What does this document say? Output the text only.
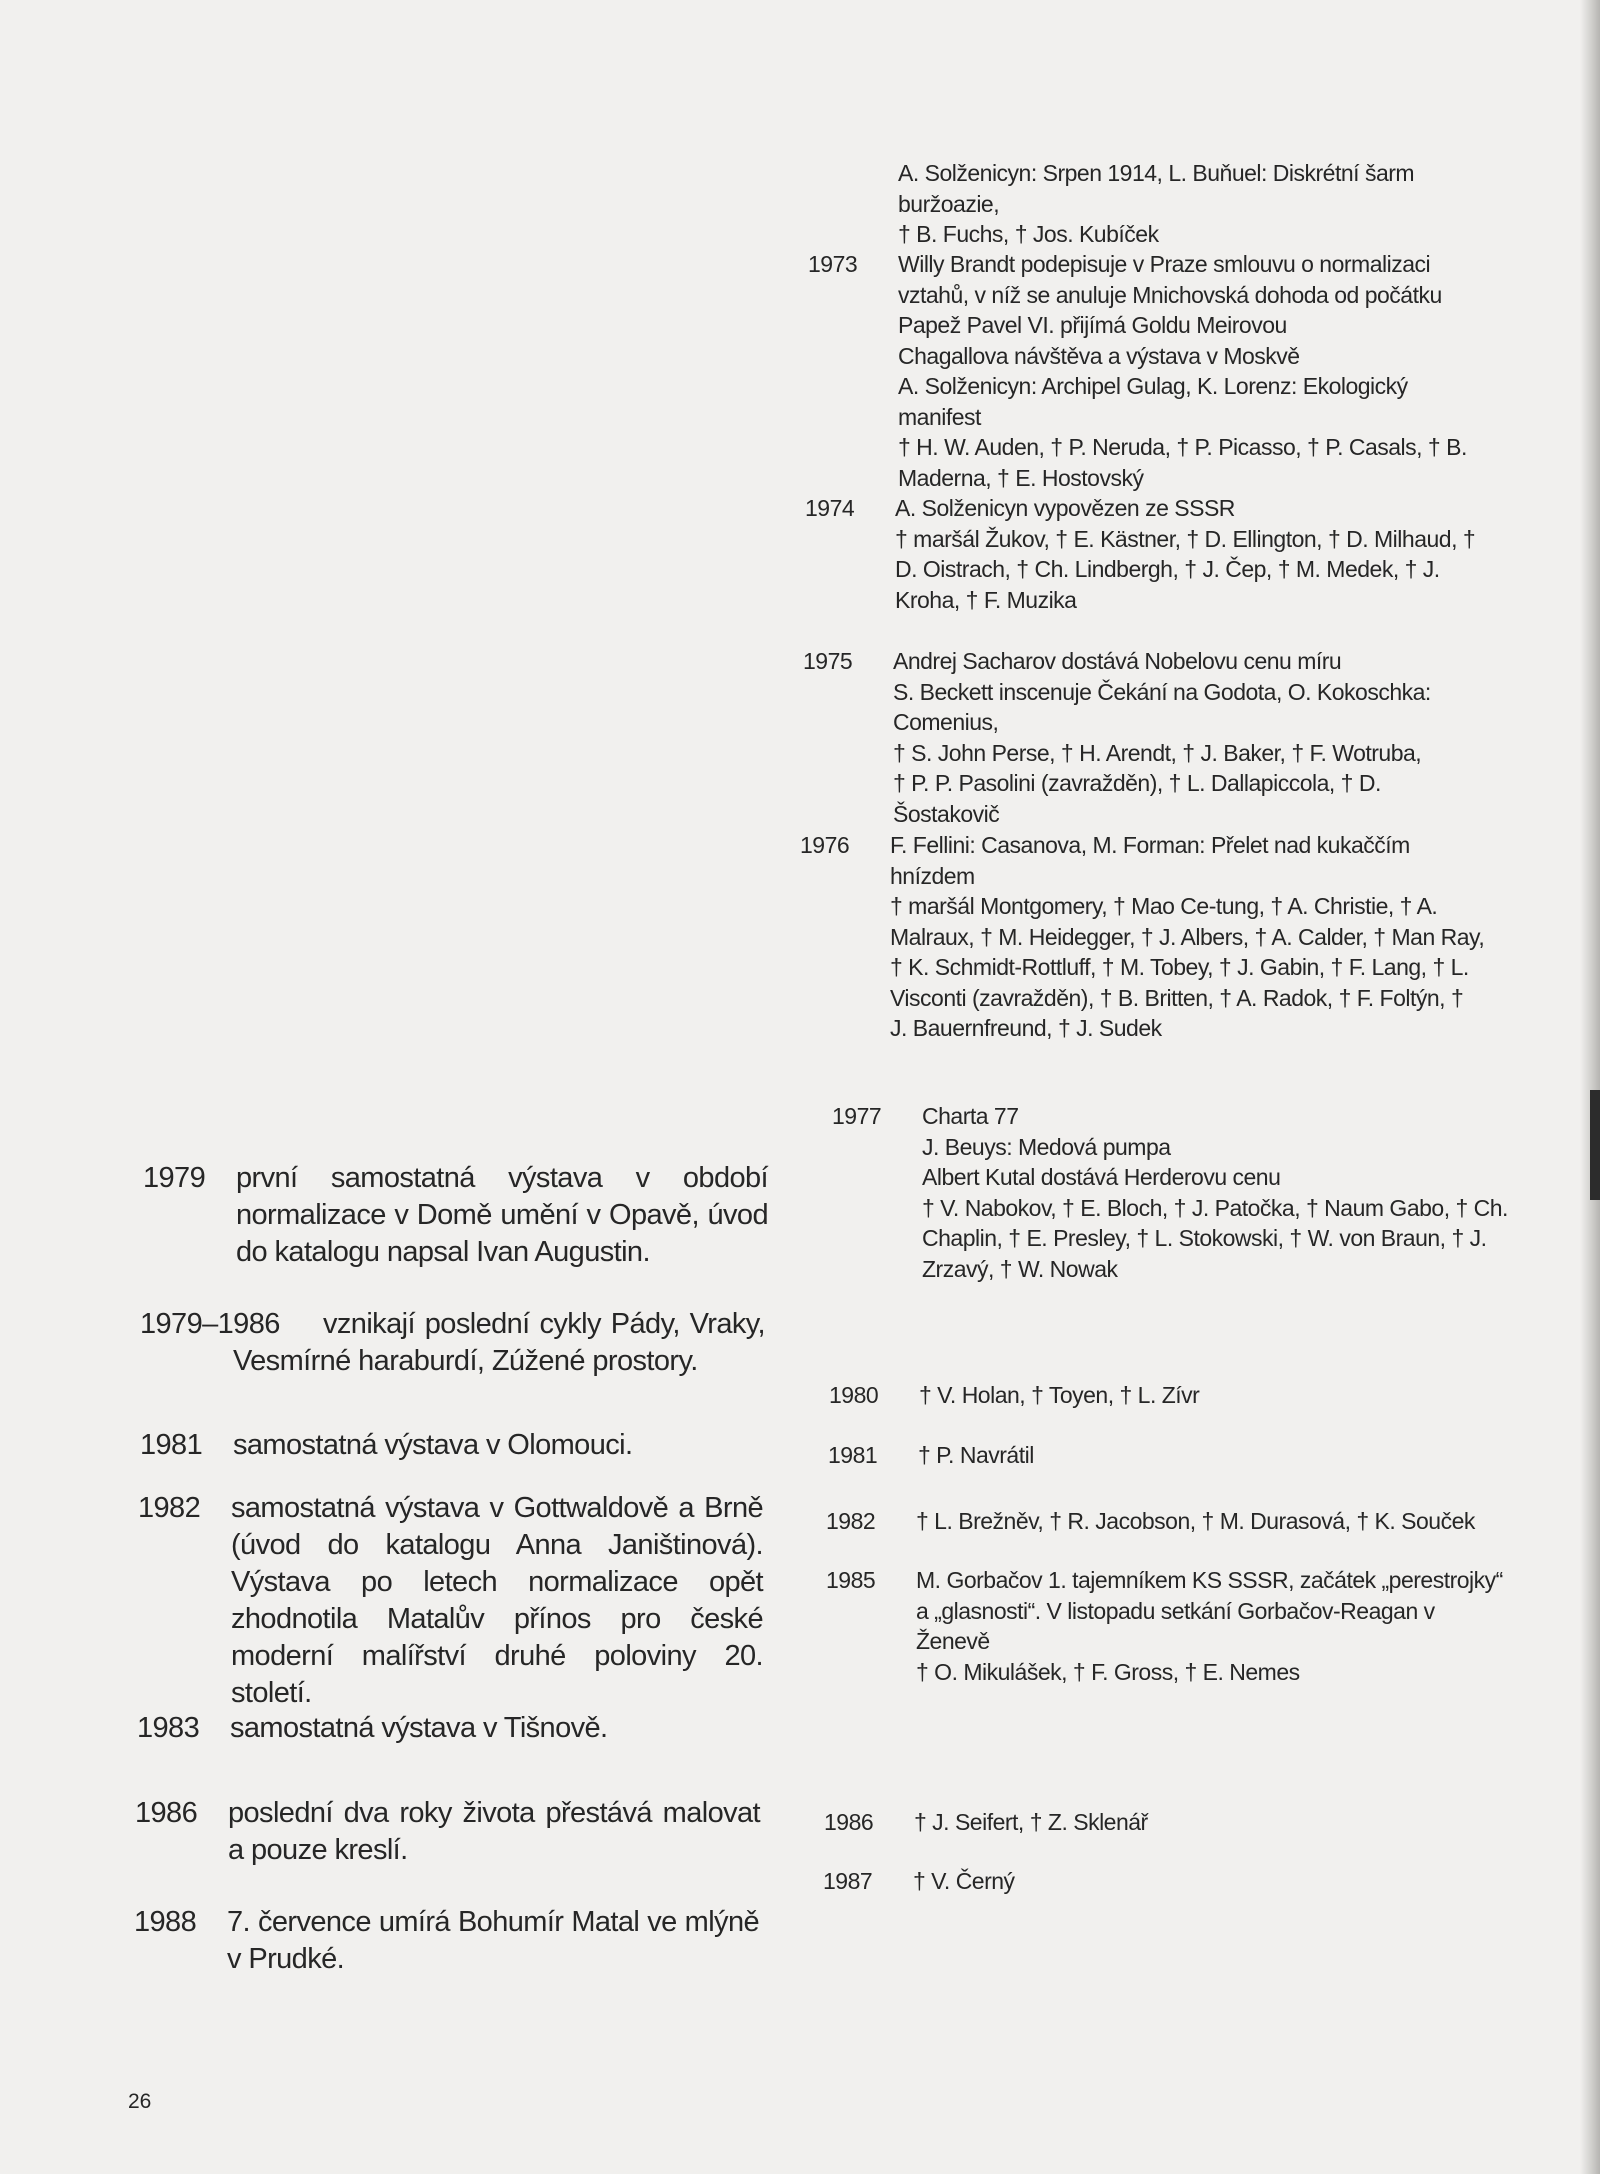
A. Solženicyn: Srpen 1914, L. Buňuel: Diskrétní šarm buržoazie,

† B. Fuchs, † Jos. Kubíček

1973 Willy Brandt podepisuje v Praze smlouvu o normalizaci vztahů, v níž se anuluje Mnichovská dohoda od počátku

Papež Pavel VI. přijímá Goldu Meirovou

Chagallova návštěva a výstava v Moskvě

A. Solženicyn: Archipel Gulag, K. Lorenz: Ekologický manifest

† H. W. Auden, † P. Neruda, † P. Picasso, † P. Casals, † B. Maderna, † E. Hostovský

1974 A. Solženicyn vypovězen ze SSSR

† maršál Žukov, † E. Kästner, † D. Ellington, † D. Milhaud, † D. Oistrach, † Ch. Lindbergh, † J. Čep, † M. Medek, † J. Kroha, † F. Muzika

1975 Andrej Sacharov dostává Nobelovu cenu míru

S. Beckett inscenuje Čekání na Godota, O. Kokoschka: Comenius,

† S. John Perse, † H. Arendt, † J. Baker, † F. Wotruba,

† P. P. Pasolini (zavražděn), † L. Dallapiccola, † D. Šostakovič

1976 F. Fellini: Casanova, M. Forman: Přelet nad kukaččím hnízdem

† maršál Montgomery, † Mao Ce-tung, † A. Christie, † A. Malraux, † M. Heidegger, † J. Albers, † A. Calder, † Man Ray, † K. Schmidt-Rottluff, † M. Tobey, † J. Gabin, † F. Lang, † L. Visconti (zavražděn), † B. Britten, † A. Radok, † F. Foltýn, † J. Bauernfreund, † J. Sudek

1977 Charta 77

J. Beuys: Medová pumpa

Albert Kutal dostává Herderovu cenu

† V. Nabokov, † E. Bloch, † J. Patočka, † Naum Gabo, † Ch. Chaplin, † E. Presley, † L. Stokowski, † W. von Braun, † J. Zrzavý, † W. Nowak

1980 † V. Holan, † Toyen, † L. Zívr

1981 † P. Navrátil

1982 † L. Brežněv, † R. Jacobson, † M. Durasová, † K. Souček

1985 M. Gorbačov 1. tajemníkem KS SSSR, začátek „perestrojky“ a „glasnosti“. V listopadu setkání Gorbačov-Reagan v Ženevě

† O. Mikulášek, † F. Gross, † E. Nemes

1986 † J. Seifert, † Z. Sklenář

1987 † V. Černý

1979 první samostatná výstava v období normalizace v Domě umění v Opavě, úvod do katalogu napsal Ivan Augustin.

1979–1986	vznikají poslední cykly Pády, Vraky, Vesmírné haraburdí, Zúžené prostory.

1981 samostatná výstava v Olomouci.

1982 samostatná výstava v Gottwaldově a Brně (úvod do katalogu Anna Janištinová). Výstava po letech normalizace opět zhodnotila Matalův přínos pro české moderní malířství druhé poloviny 20. století.

1983 samostatná výstava v Tišnově.

1986 poslední dva roky života přestává malovat a pouze kreslí.

1988 7. července umírá Bohumír Matal ve mlýně v Prudké.

26
